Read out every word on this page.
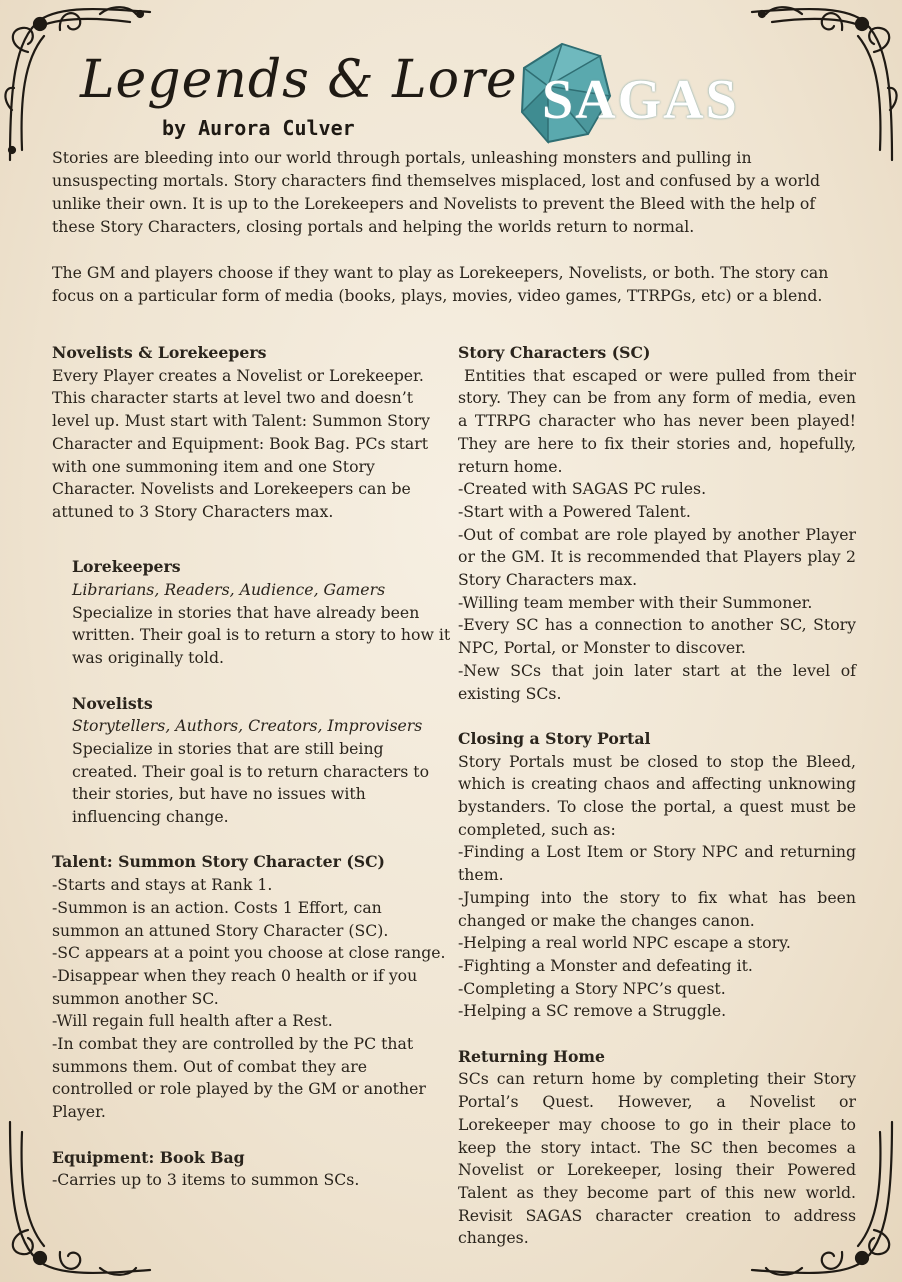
Legends & Lore
by Aurora Culver	SAGAS

Stories are bleeding into our world through portals, unleashing monsters and pulling in unsuspecting mortals. Story characters find themselves misplaced, lost and confused by a world unlike their own. It is up to the Lorekeepers and Novelists to prevent the Bleed with the help of these Story Characters, closing portals and helping the worlds return to normal.

The GM and players choose if they want to play as Lorekeepers, Novelists, or both. The story can focus on a particular form of media (books, plays, movies, video games, TTRPGs, etc) or a blend.

Novelists & Lorekeepers

Every Player creates a Novelist or Lorekeeper. This character starts at level two and doesn’t level up. Must start with Talent: Summon Story Character and Equipment: Book Bag. PCs start with one summoning item and one Story Character. Novelists and Lorekeepers can be attuned to 3 Story Characters max.

Lorekeepers

Librarians, Readers, Audience, Gamers

Specialize in stories that have already been written. Their goal is to return a story to how it was originally told.

Novelists

Storytellers, Authors, Creators, Improvisers

Specialize in stories that are still being created. Their goal is to return characters to their stories, but have no issues with influencing change.

Talent: Summon Story Character (SC)
-Starts and stays at Rank 1.
-Summon is an action. Costs 1 Effort, can summon an attuned Story Character (SC).
-SC appears at a point you choose at close range.
-Disappear when they reach 0 health or if you summon another SC.
-Will regain full health after a Rest.
-In combat they are controlled by the PC that summons them. Out of combat they are controlled or role played by the GM or another Player.
Equipment: Book Bag
-Carries up to 3 items to summon SCs.
Story Characters (SC)

Entities that escaped or were pulled from their story. They can be from any form of media, even a TTRPG character who has never been played! They are here to fix their stories and, hopefully, return home.

-Created with SAGAS PC rules.
-Start with a Powered Talent.
-Out of combat are role played by another Player or the GM. It is recommended that Players play 2 Story Characters max.
-Willing team member with their Summoner.
-Every SC has a connection to another SC, Story NPC, Portal, or Monster to discover.
-New SCs that join later start at the level of existing SCs.
Closing a Story Portal

Story Portals must be closed to stop the Bleed, which is creating chaos and affecting unknowing bystanders. To close the portal, a quest must be completed, such as:

-Finding a Lost Item or Story NPC and returning them.
-Jumping into the story to fix what has been changed or make the changes canon.
-Helping a real world NPC escape a story.
-Fighting a Monster and defeating it.
-Completing a Story NPC’s quest.
-Helping a SC remove a Struggle.
Returning Home

SCs can return home by completing their Story Portal’s Quest. However, a Novelist or Lorekeeper may choose to go in their place to keep the story intact. The SC then becomes a Novelist or Lorekeeper, losing their Powered Talent as they become part of this new world. Revisit SAGAS character creation to address changes.
